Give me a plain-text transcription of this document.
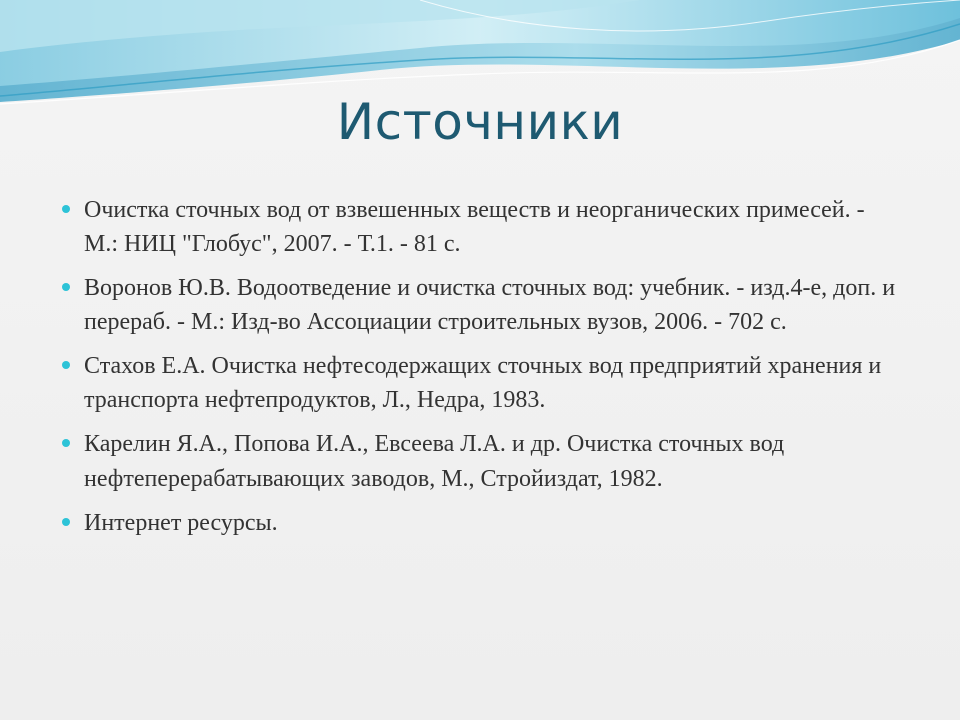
Источники
Очистка сточных вод от взвешенных веществ и неорганических примесей. - М.: НИЦ "Глобус", 2007. - Т.1. - 81 с.
Воронов Ю.В. Водоотведение и очистка сточных вод: учебник. - изд.4-е, доп. и перераб. - М.: Изд-во Ассоциации строительных вузов, 2006. - 702 с.
Стахов Е.А. Очистка нефтесодержащих сточных вод предприятий хранения и транспорта нефтепродуктов, Л., Недра, 1983.
Карелин Я.А., Попова И.А., Евсеева Л.А. и др. Очистка сточных вод нефтеперерабатывающих заводов, М., Стройиздат, 1982.
Интернет ресурсы.
